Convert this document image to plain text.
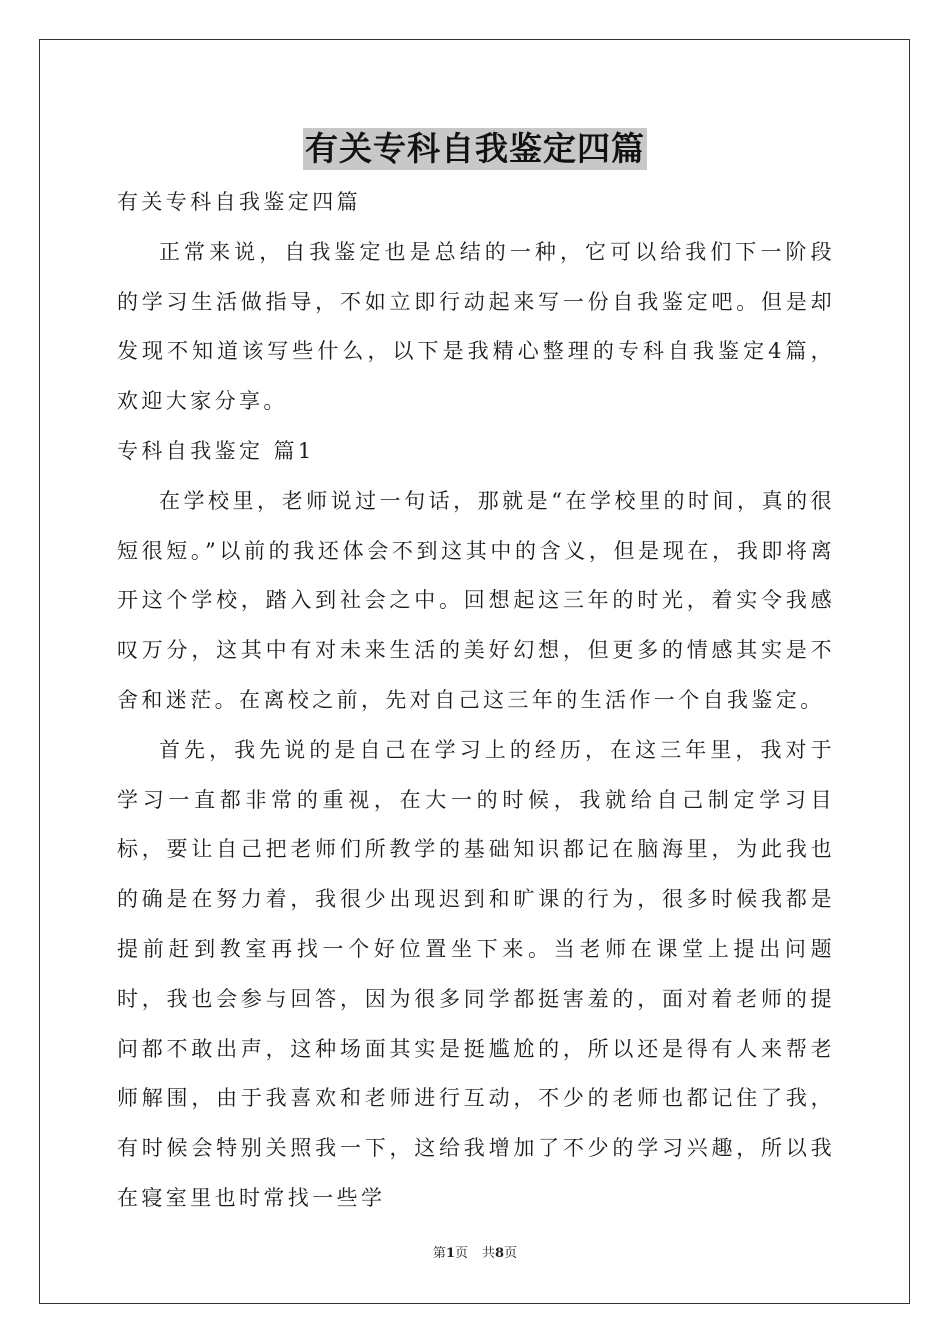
有关专科自我鉴定四篇

有关专科自我鉴定四篇

正常来说，自我鉴定也是总结的一种，它可以给我们下一阶段的学习生活做指导，不如立即行动起来写一份自我鉴定吧。但是却发现不知道该写些什么，以下是我精心整理的专科自我鉴定4篇，欢迎大家分享。

专科自我鉴定 篇1

在学校里，老师说过一句话，那就是“在学校里的时间，真的很短很短。”以前的我还体会不到这其中的含义，但是现在，我即将离开这个学校，踏入到社会之中。回想起这三年的时光，着实令我感叹万分，这其中有对未来生活的美好幻想，但更多的情感其实是不舍和迷茫。在离校之前，先对自己这三年的生活作一个自我鉴定。

首先，我先说的是自己在学习上的经历，在这三年里，我对于学习一直都非常的重视，在大一的时候，我就给自己制定学习目标，要让自己把老师们所教学的基础知识都记在脑海里，为此我也的确是在努力着，我很少出现迟到和旷课的行为，很多时候我都是提前赶到教室再找一个好位置坐下来。当老师在课堂上提出问题时，我也会参与回答，因为很多同学都挺害羞的，面对着老师的提问都不敢出声，这种场面其实是挺尴尬的，所以还是得有人来帮老师解围，由于我喜欢和老师进行互动，不少的老师也都记住了我，有时候会特别关照我一下，这给我增加了不少的学习兴趣，所以我在寝室里也时常找一些学

第1页 共8页
